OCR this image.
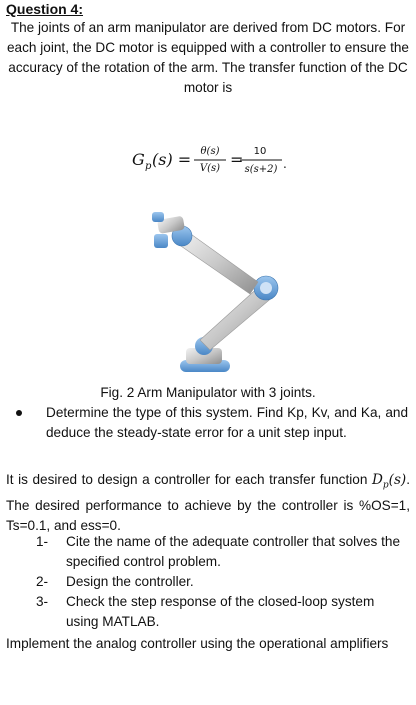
Question 4:
The joints of an arm manipulator are derived from DC motors. For each joint, the DC motor is equipped with a controller to ensure the accuracy of the rotation of the arm. The transfer function of the DC motor is
G p (s) = θ(s)
V(s) = 10
s(s+2) .
Fig. 2 Arm Manipulator with 3 joints.
Determine the type of this system. Find Kp, Kv, and Ka, and deduce the steady-state error for a unit step input.
It is desired to design a controller for each transfer function $D_p(s)$. The desired performance to achieve by the controller is %OS=1, Ts=0.1, and ess=0.
1- Cite the name of the adequate controller that solves the specified control problem.
2- Design the controller.
3- Check the step response of the closed-loop system using MATLAB.
Implement the analog controller using the operational amplifiers
